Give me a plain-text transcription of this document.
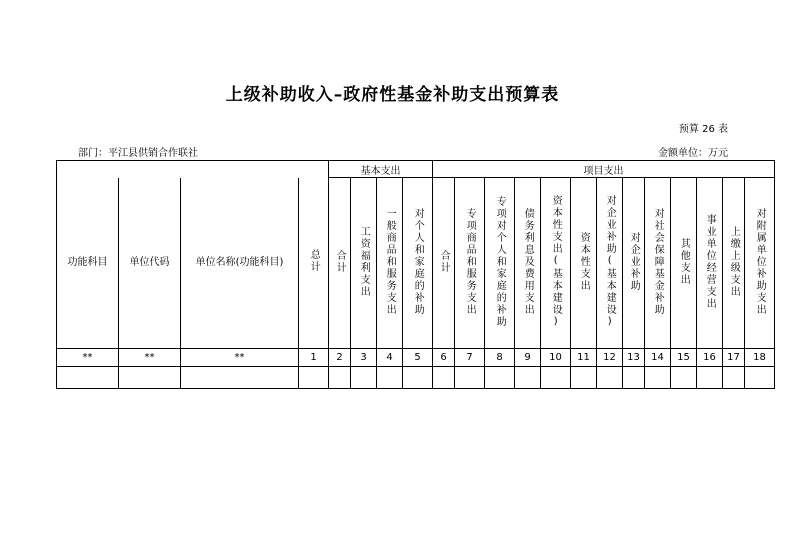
上级补助收入–政府性基金补助支出预算表
预算 26 表
部门：平江县供销合作联社	金额单位：万元
				基本支出				项目支出												
功能科目	单位代码	单位名称(功能科目)	总计	合计	工资福利支出	一般商品和服务支出	对个人和家庭的补助	合计	专项商品和服务支出	专项对个人和家庭的补助	债务利息及费用支出	资本性支出(基本建设)	资本性支出	对企业补助(基本建设)	对企业补助	对社会保障基金补助	其他支出	事业单位经营支出	上缴上级支出	对附属单位补助支出
**	**	**	1	2	3	4	5	6	7	8	9	10	11	12	13	14	15	16	17	18
